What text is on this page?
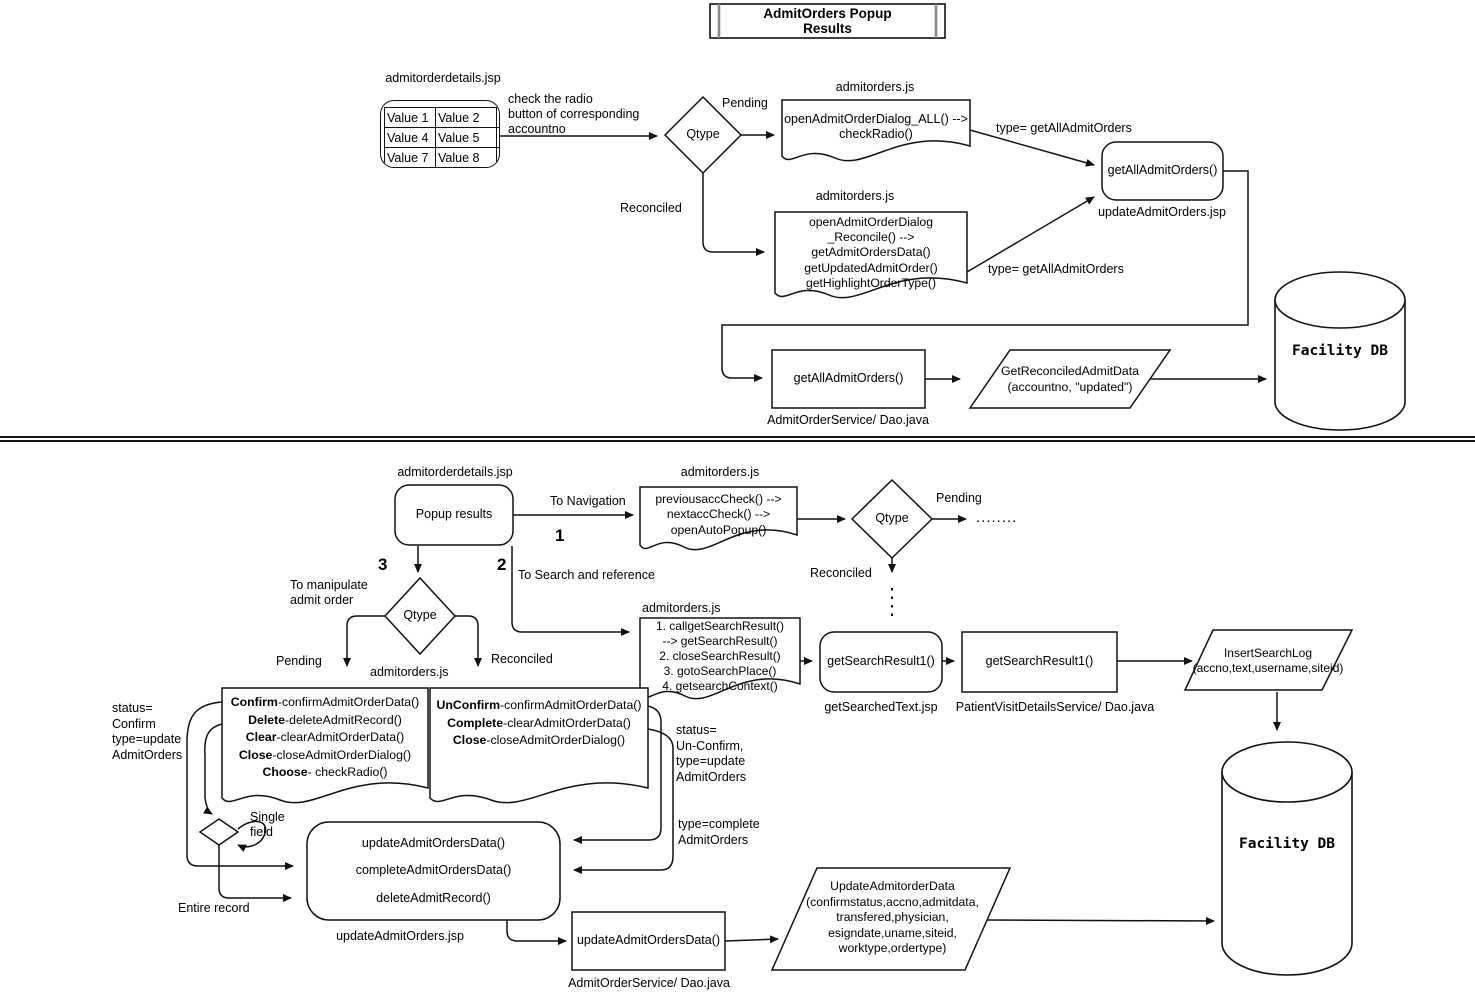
AdmitOrders Popup
Results
admitorderdetails.jsp
Value 1	Value 2	
Value 4	Value 5	
Value 7	Value 8	
check the radio
button of corresponding
accountno	Qtype
Pending
admitorders.js
openAdmitOrderDialog_ALL() -->
checkRadio()	type= getAllAdmitOrders
getAllAdmitOrders()
updateAdmitOrders.jsp
Reconciled
admitorders.js
openAdmitOrderDialog
_Reconcile() -->
getAdmitOrdersData()
getUpdatedAdmitOrder()
getHighlightOrderType()
type= getAllAdmitOrders
getAllAdmitOrders()
AdmitOrderService/ Dao.java
GetReconciledAdmitData
(accountno, "updated")
Facility DB
admitorderdetails.jsp
Popup results
To Navigation
1
3	2
To Search and reference
admitorders.js
previousaccCheck() -->
nextaccCheck() -->
openAutoPopup()
Qtype
Pending
........
Reconciled
To manipulate
admit order
Qtype
Pending
admitorders.js
Reconciled
admitorders.js
1. callgetSearchResult()
--> getSearchResult()
2. closeSearchResult()
3. gotoSearchPlace()
4. getsearchContext()
status=
Confirm
type=update
AdmitOrders
Confirm-confirmAdmitOrderData()
Delete-deleteAdmitRecord()
Clear-clearAdmitOrderData()
Close-closeAdmitOrderDialog()
Choose- checkRadio()
UnConfirm-confirmAdmitOrderData()
Complete-clearAdmitOrderData()
Close-closeAdmitOrderDialog()
status=
Un-Confirm,
type=update
AdmitOrders
type=complete
AdmitOrders
Single
field
Entire record
updateAdmitOrdersData()
completeAdmitOrdersData()
deleteAdmitRecord()
updateAdmitOrders.jsp	updateAdmitOrdersData()
AdmitOrderService/ Dao.java
UpdateAdmitorderData
(confirmstatus,accno,admitdata,
transfered,physician,
esigndate,uname,siteid,
worktype,ordertype)
getSearchResult1()
getSearchedText.jsp
getSearchResult1()
PatientVisitDetailsService/ Dao.java
InsertSearchLog
(accno,text,username,siteid)
Facility DB
